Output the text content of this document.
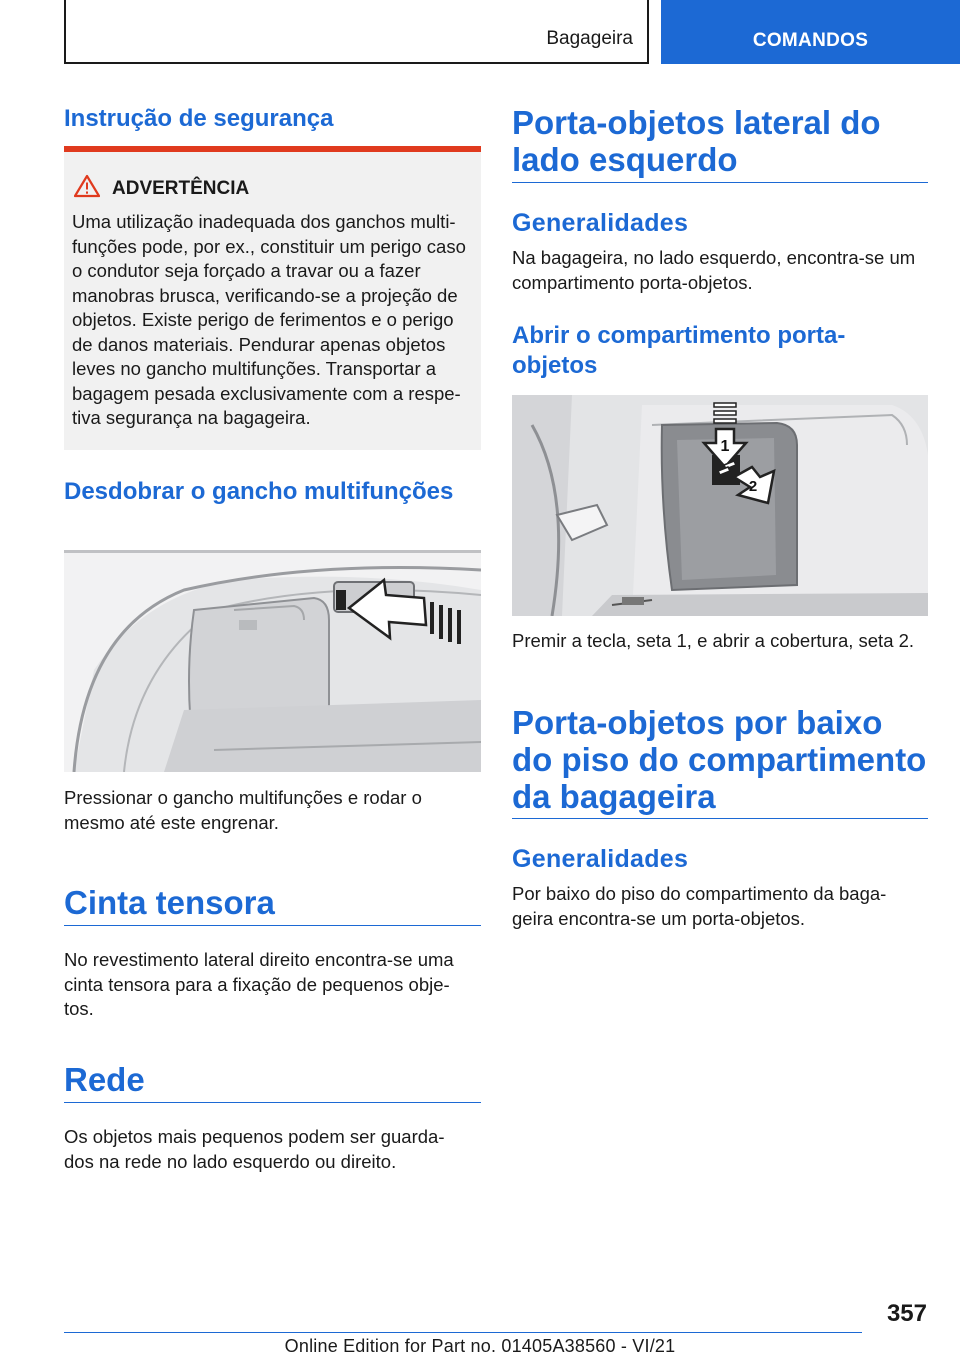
Bagageira	COMANDOS
Instrução de segurança
ADVERTÊNCIA
Uma utilização inadequada dos ganchos multi-funções pode, por ex., constituir um perigo caso o condutor seja forçado a travar ou a fazer manobras brusca, verificando-se a projeção de objetos. Existe perigo de ferimentos e o perigo de danos materiais. Pendurar apenas objetos leves no gancho multifunções. Transportar a bagagem pesada exclusivamente com a respe-tiva segurança na bagageira.
Desdobrar o gancho multifunções

Pressionar o gancho multifunções e rodar o mesmo até este engrenar.

Cinta tensora

No revestimento lateral direito encontra-se uma cinta tensora para a fixação de pequenos obje-tos.

Rede

Os objetos mais pequenos podem ser guarda-dos na rede no lado esquerdo ou direito.

Porta-objetos lateral do lado esquerdo
Generalidades

Na bagageira, no lado esquerdo, encontra-se um compartimento porta-objetos.

Abrir o compartimento porta-objetos
1
2

Premir a tecla, seta 1, e abrir a cobertura, seta 2.

Porta-objetos por baixo do piso do compartimento da bagageira
Generalidades

Por baixo do piso do compartimento da baga-geira encontra-se um porta-objetos.

357
Online Edition for Part no. 01405A38560 - VI/21
